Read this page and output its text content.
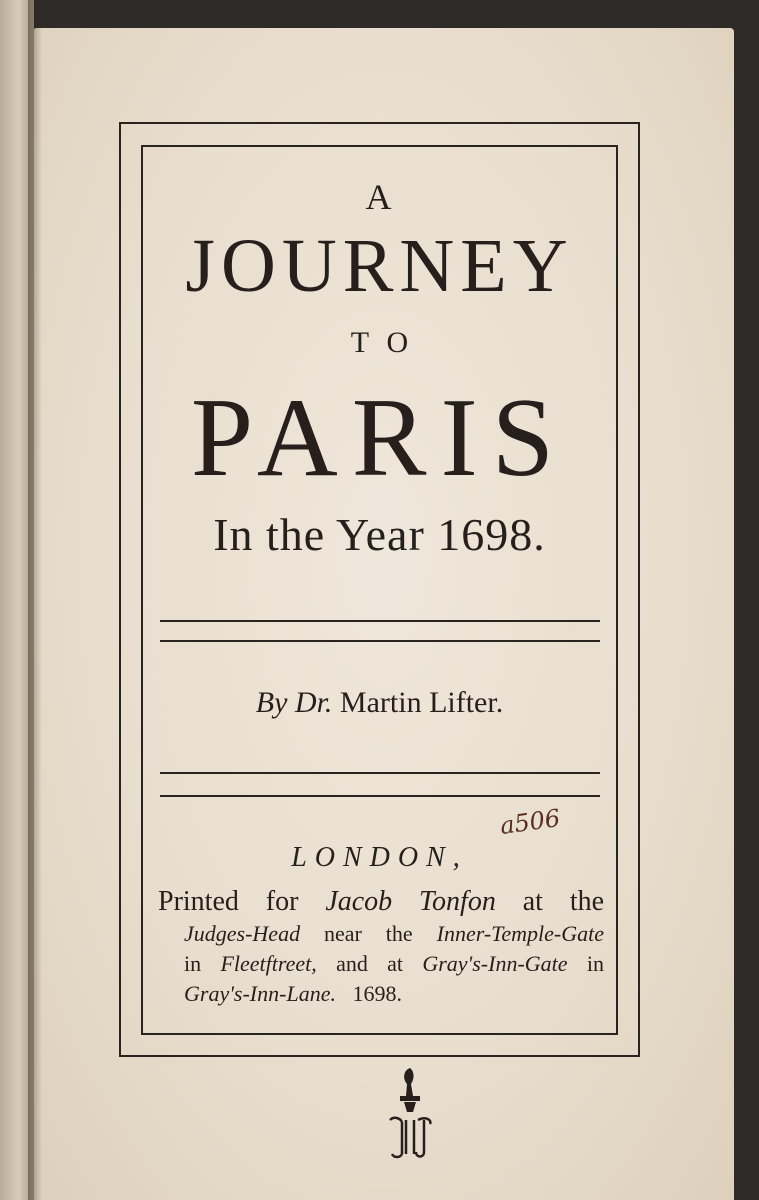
A
JOURNEY
TO
PARIS
In the Year 1698.
By Dr. Martin Lifter.
a506
LONDON,
Printed for Jacob Tonfon at the
Judges-Head near the Inner-Temple-Gate
in Fleetftreet, and at Gray's-Inn-Gate in
Gray's-Inn-Lane. 1698.
